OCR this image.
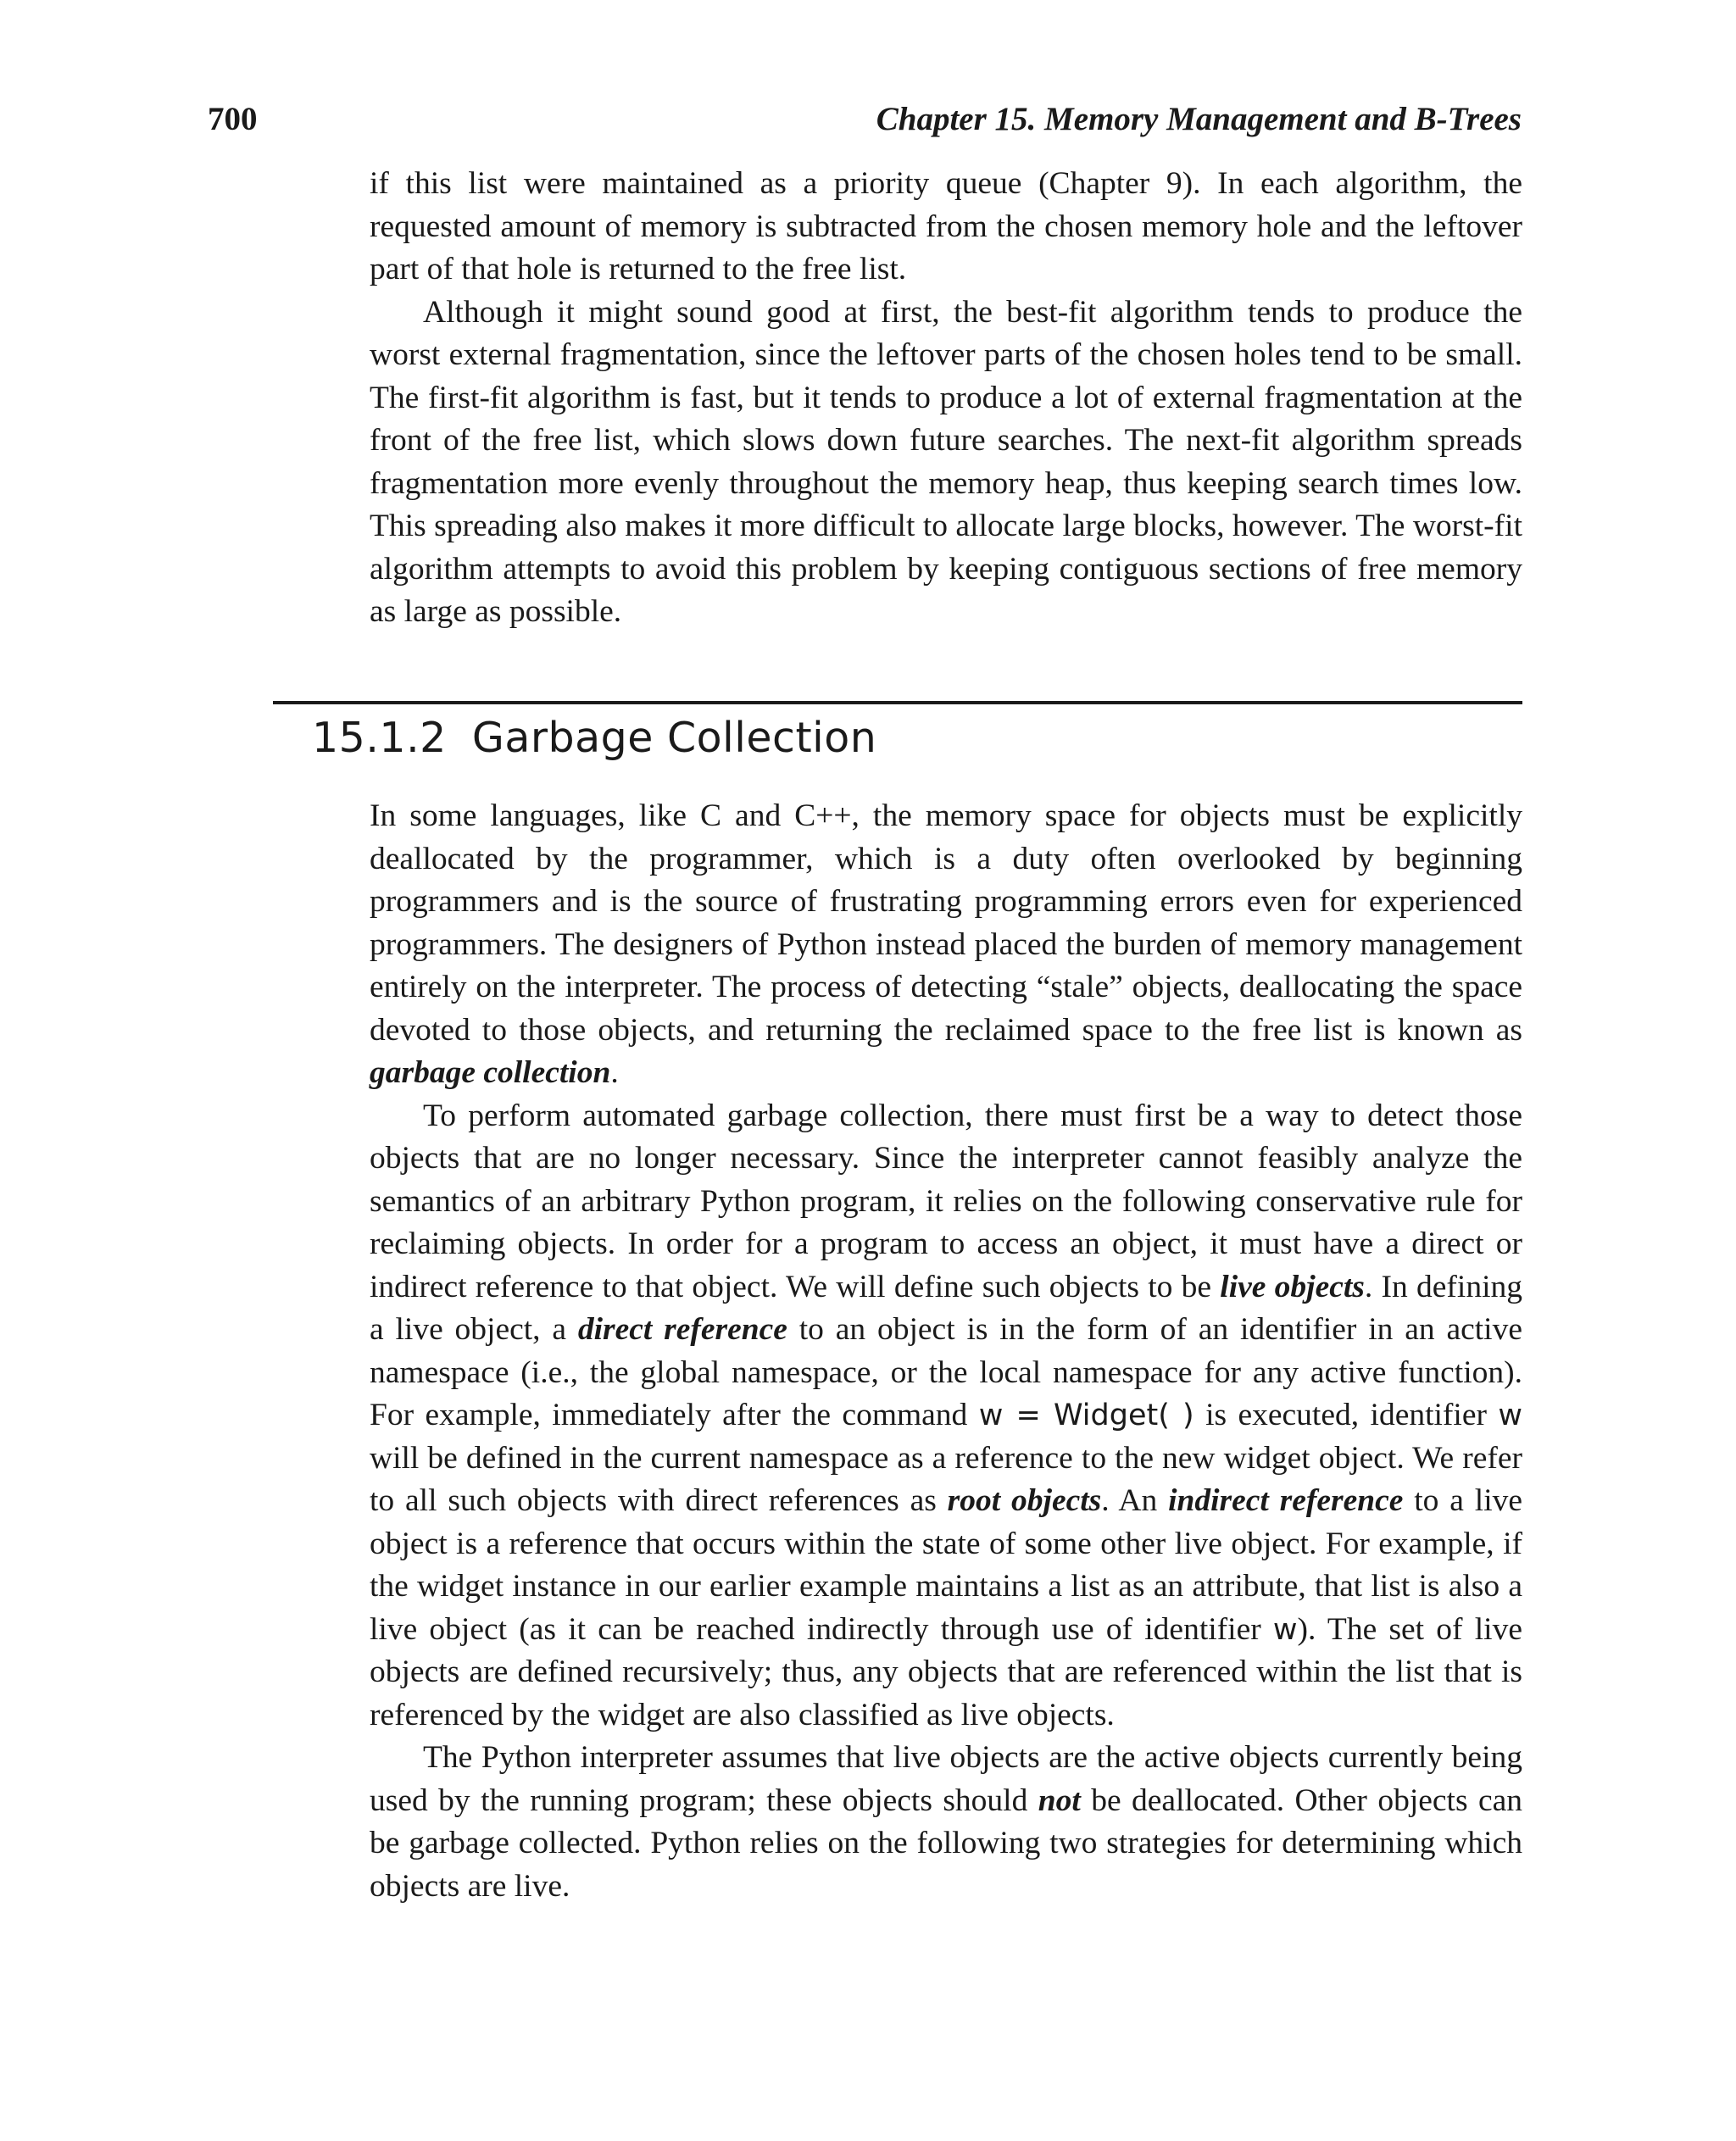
700	Chapter 15. Memory Management and B-Trees

if this list were maintained as a priority queue (Chapter 9). In each algorithm, the requested amount of memory is subtracted from the chosen memory hole and the leftover part of that hole is returned to the free list.

Although it might sound good at first, the best-fit algorithm tends to produce the worst external fragmentation, since the leftover parts of the chosen holes tend to be small. The first-fit algorithm is fast, but it tends to produce a lot of external fragmentation at the front of the free list, which slows down future searches. The next-fit algorithm spreads fragmentation more evenly throughout the memory heap, thus keeping search times low. This spreading also makes it more difficult to allocate large blocks, however. The worst-fit algorithm attempts to avoid this problem by keeping contiguous sections of free memory as large as possible.

15.1.2 Garbage Collection

In some languages, like C and C++, the memory space for objects must be explicitly deallocated by the programmer, which is a duty often overlooked by beginning programmers and is the source of frustrating programming errors even for experienced programmers. The designers of Python instead placed the burden of memory management entirely on the interpreter. The process of detecting “stale” objects, deallocating the space devoted to those objects, and returning the reclaimed space to the free list is known as garbage collection.

To perform automated garbage collection, there must first be a way to detect those objects that are no longer necessary. Since the interpreter cannot feasibly analyze the semantics of an arbitrary Python program, it relies on the following conservative rule for reclaiming objects. In order for a program to access an object, it must have a direct or indirect reference to that object. We will define such objects to be live objects. In defining a live object, a direct reference to an object is in the form of an identifier in an active namespace (i.e., the global namespace, or the local namespace for any active function). For example, immediately after the command w = Widget( ) is executed, identifier w will be defined in the current namespace as a reference to the new widget object. We refer to all such objects with direct references as root objects. An indirect reference to a live object is a reference that occurs within the state of some other live object. For example, if the widget instance in our earlier example maintains a list as an attribute, that list is also a live object (as it can be reached indirectly through use of identifier w). The set of live objects are defined recursively; thus, any objects that are referenced within the list that is referenced by the widget are also classified as live objects.

The Python interpreter assumes that live objects are the active objects currently being used by the running program; these objects should not be deallocated. Other objects can be garbage collected. Python relies on the following two strategies for determining which objects are live.
